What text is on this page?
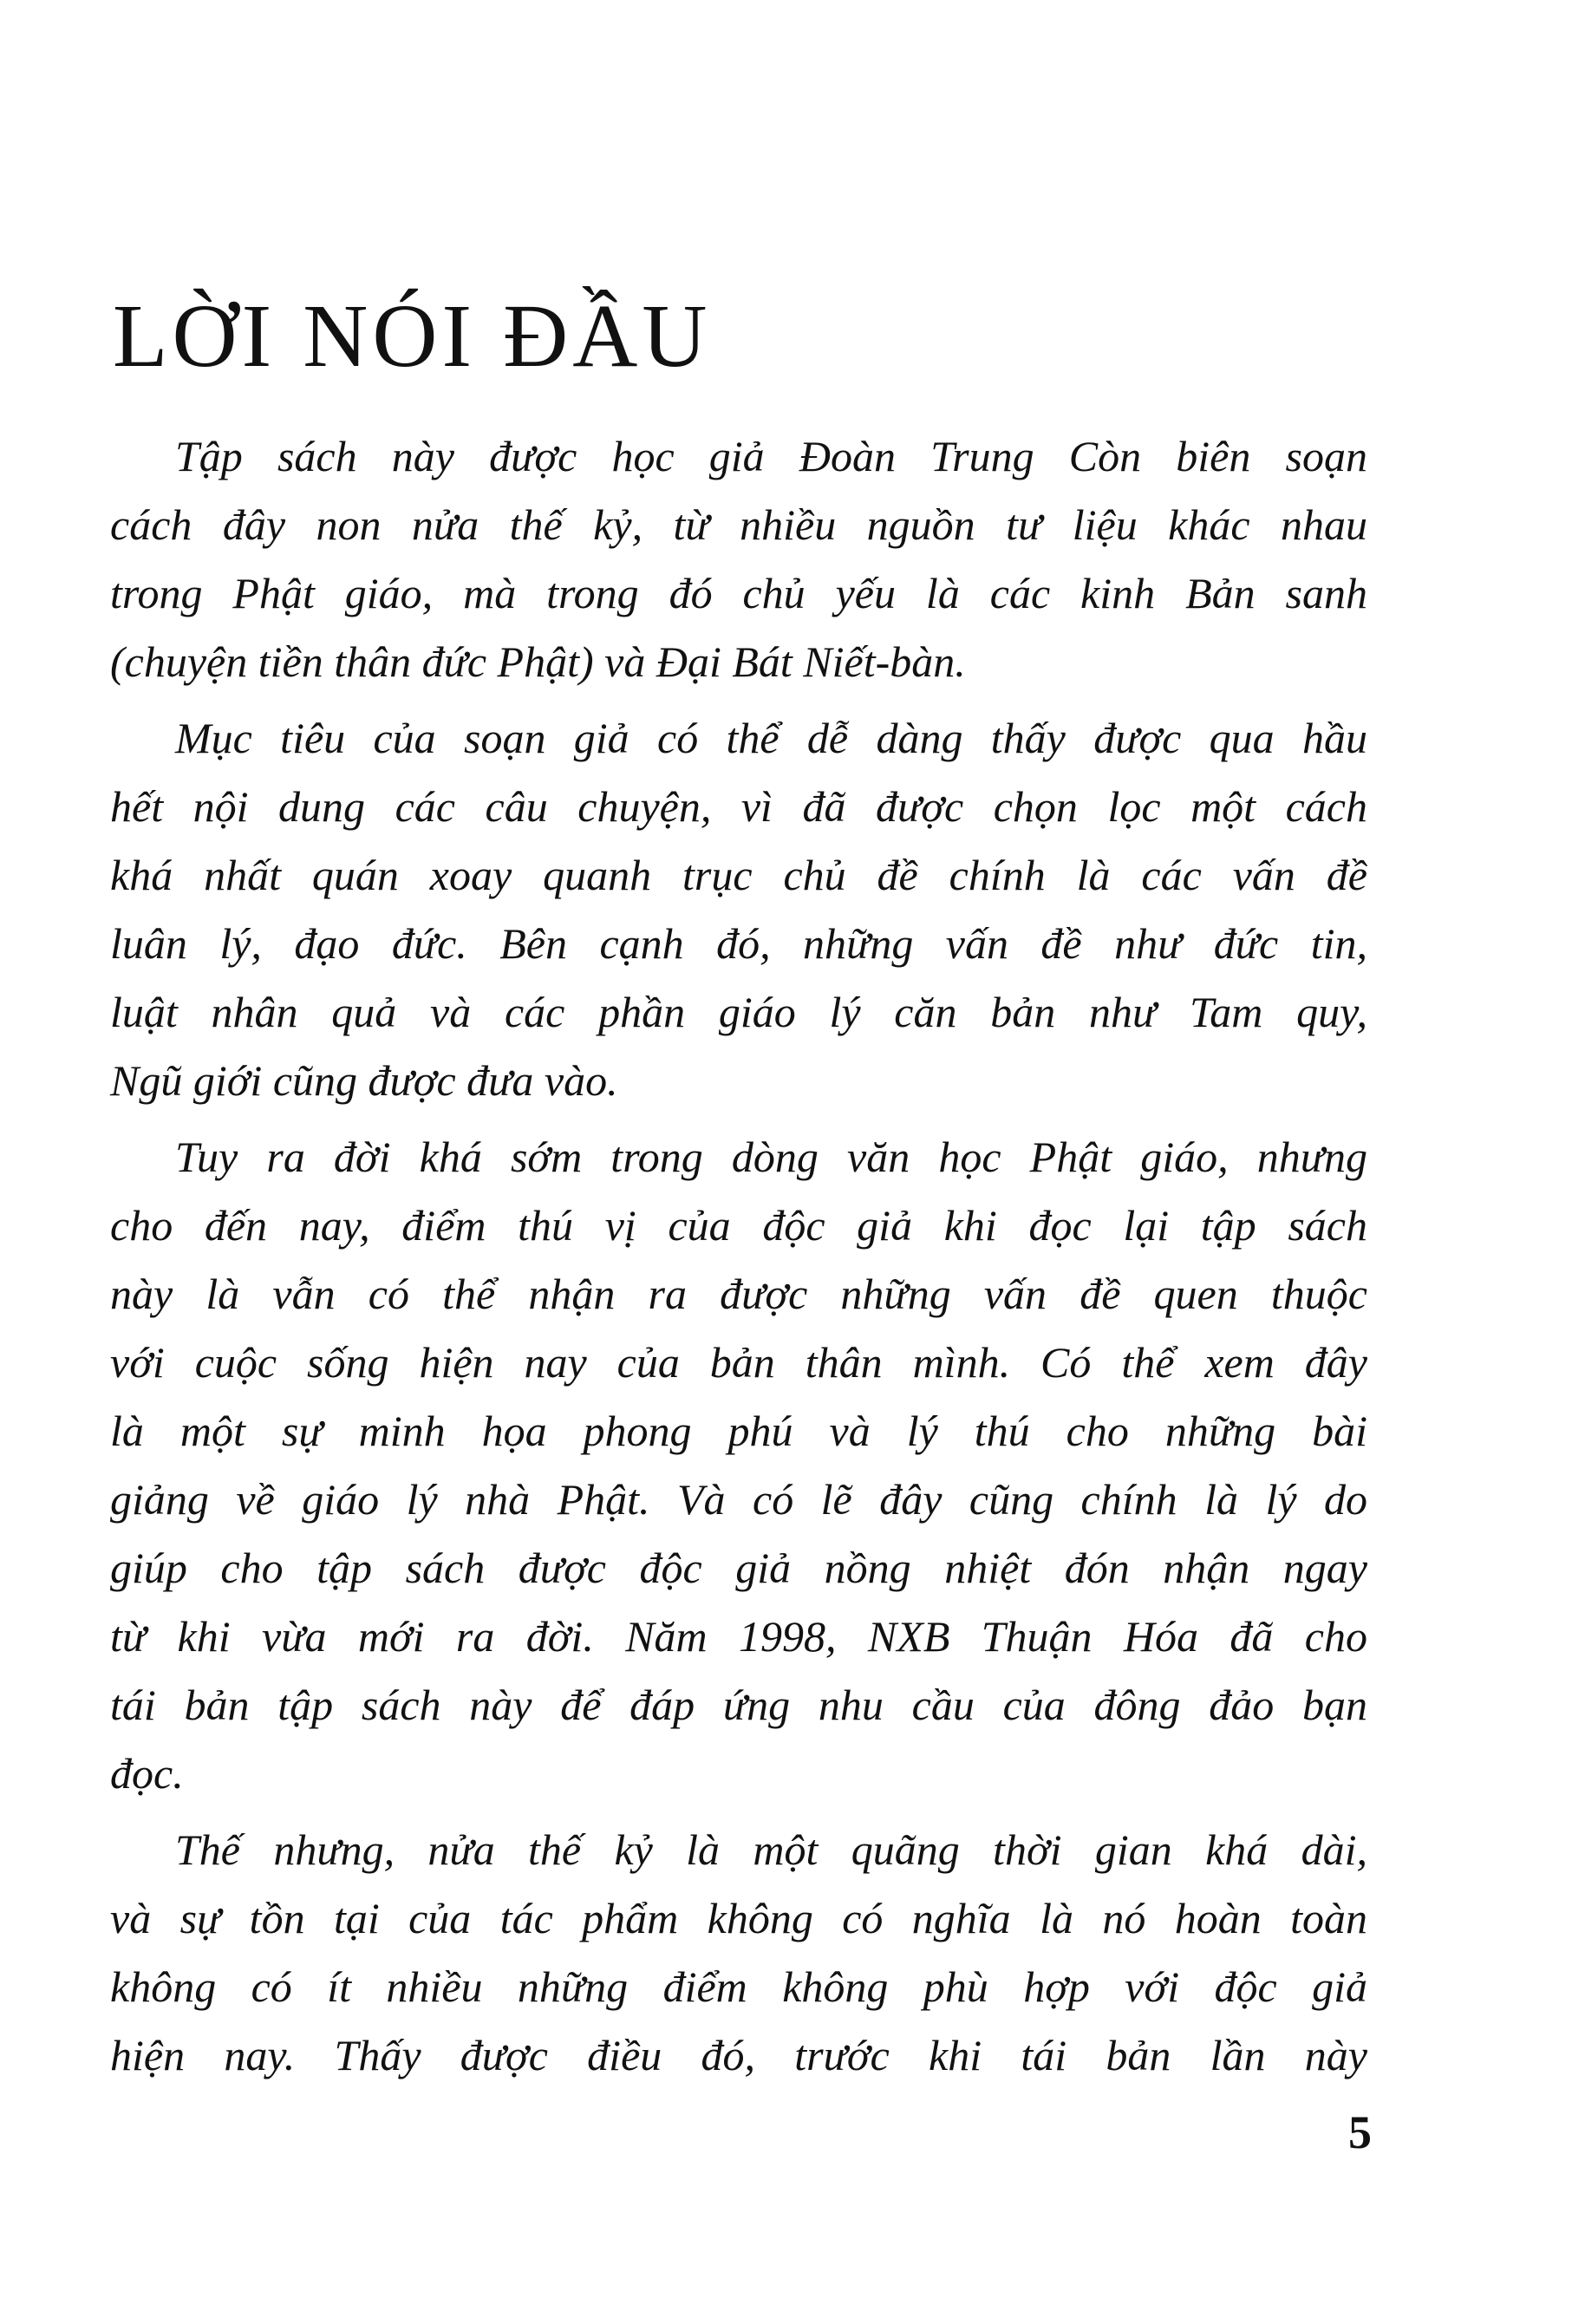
LỜI NÓI ĐẦU
Tập sách này được học giả Đoàn Trung Còn biên soạn
cách đây non nửa thế kỷ, từ nhiều nguồn tư liệu khác nhau
trong Phật giáo, mà trong đó chủ yếu là các kinh Bản sanh
(chuyện tiền thân đức Phật) và Đại Bát Niết-bàn.
Mục tiêu của soạn giả có thể dễ dàng thấy được qua hầu
hết nội dung các câu chuyện, vì đã được chọn lọc một cách
khá nhất quán xoay quanh trục chủ đề chính là các vấn đề
luân lý, đạo đức. Bên cạnh đó, những vấn đề như đức tin,
luật nhân quả và các phần giáo lý căn bản như Tam quy,
Ngũ giới cũng được đưa vào.
Tuy ra đời khá sớm trong dòng văn học Phật giáo, nhưng
cho đến nay, điểm thú vị của độc giả khi đọc lại tập sách
này là vẫn có thể nhận ra được những vấn đề quen thuộc
với cuộc sống hiện nay của bản thân mình. Có thể xem đây
là một sự minh họa phong phú và lý thú cho những bài
giảng về giáo lý nhà Phật. Và có lẽ đây cũng chính là lý do
giúp cho tập sách được độc giả nồng nhiệt đón nhận ngay
từ khi vừa mới ra đời. Năm 1998, NXB Thuận Hóa đã cho
tái bản tập sách này để đáp ứng nhu cầu của đông đảo bạn
đọc.
Thế nhưng, nửa thế kỷ là một quãng thời gian khá dài,
và sự tồn tại của tác phẩm không có nghĩa là nó hoàn toàn
không có ít nhiều những điểm không phù hợp với độc giả
hiện nay. Thấy được điều đó, trước khi tái bản lần này
5
